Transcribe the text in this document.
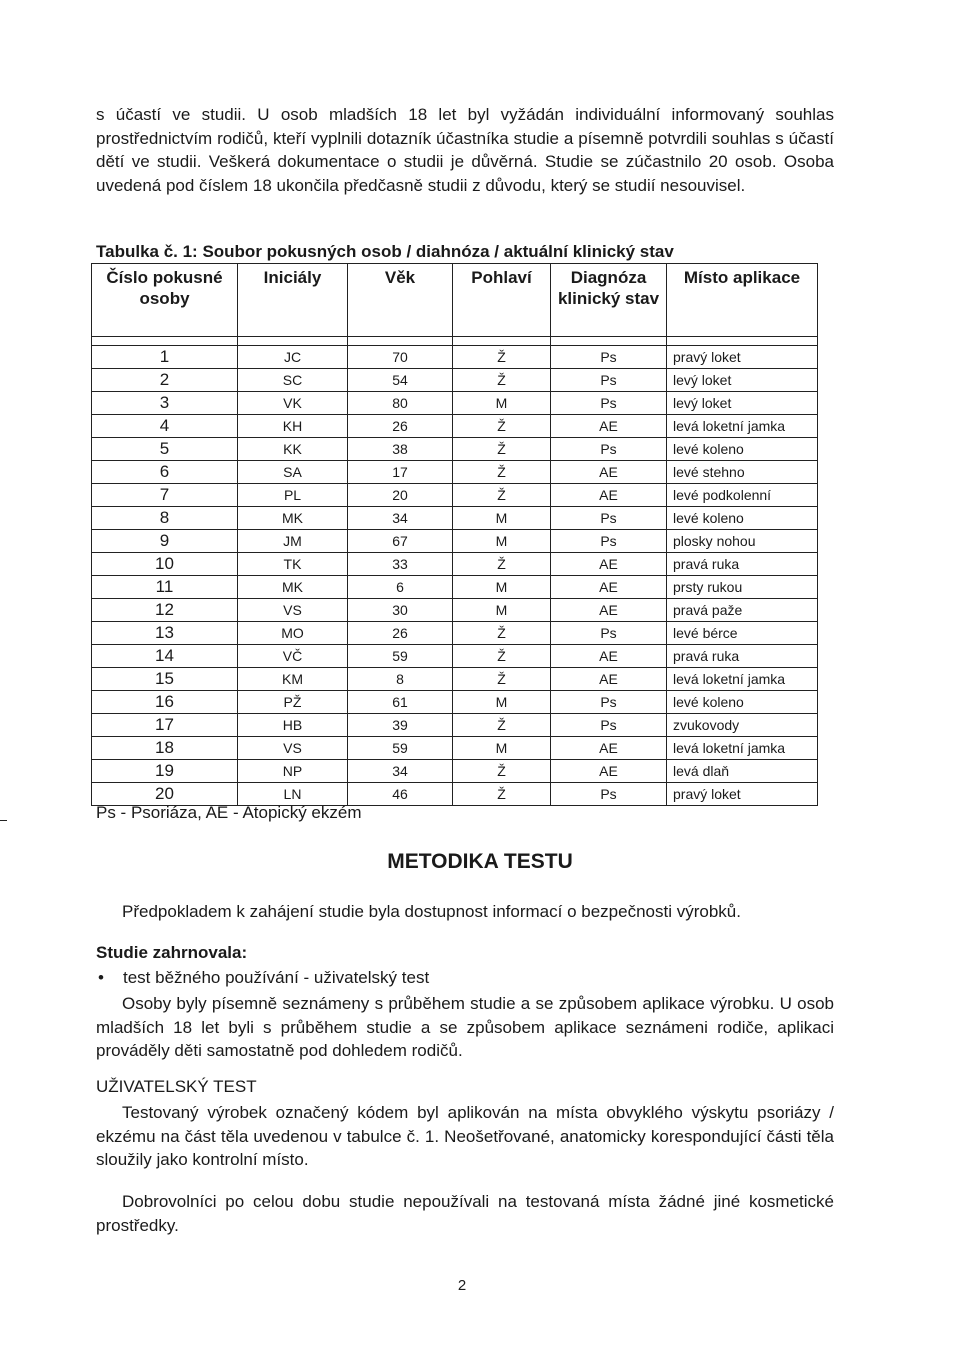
s účastí ve studii. U osob mladších 18 let byl vyžádán individuální informovaný souhlas prostřednictvím rodičů, kteří vyplnili dotazník účastníka studie a písemně potvrdili souhlas s účastí dětí ve studii. Veškerá dokumentace o studii je důvěrná. Studie se zúčastnilo 20 osob. Osoba uvedená pod číslem 18 ukončila předčasně studii z důvodu, který se studií nesouvisel.

Tabulka č. 1: Soubor pokusných osob / diahnóza / aktuální klinický stav

Číslo pokusné osoby	Iniciály	Věk	Pohlaví	Diagnóza klinický stav	Místo aplikace

1	JC	70	Ž	Ps	pravý loket
2	SC	54	Ž	Ps	levý loket
3	VK	80	M	Ps	levý loket
4	KH	26	Ž	AE	levá loketní jamka
5	KK	38	Ž	Ps	levé koleno
6	SA	17	Ž	AE	levé stehno
7	PL	20	Ž	AE	levé podkolenní
8	MK	34	M	Ps	levé koleno
9	JM	67	M	Ps	plosky nohou
10	TK	33	Ž	AE	pravá ruka
11	MK	6	M	AE	prsty rukou
12	VS	30	M	AE	pravá paže
13	MO	26	Ž	Ps	levé bérce
14	VČ	59	Ž	AE	pravá ruka
15	KM	8	Ž	AE	levá loketní jamka
16	PŽ	61	M	Ps	levé koleno
17	HB	39	Ž	Ps	zvukovody
18	VS	59	M	AE	levá loketní jamka
19	NP	34	Ž	AE	levá dlaň
20	LN	46	Ž	Ps	pravý loket

Ps - Psoriáza, AE - Atopický ekzém

METODIKA TESTU

Předpokladem k zahájení studie byla dostupnost informací o bezpečnosti výrobků.

Studie zahrnovala:

• test běžného používání - uživatelský test

Osoby byly písemně seznámeny s průběhem studie a se způsobem aplikace výrobku. U osob mladších 18 let byli s průběhem studie a se způsobem aplikace seznámeni rodiče, aplikaci prováděly děti samostatně pod dohledem rodičů.

UŽIVATELSKÝ TEST

Testovaný výrobek označený kódem byl aplikován na místa obvyklého výskytu psoriázy / ekzému na část těla uvedenou v tabulce č. 1. Neošetřované, anatomicky korespondující části těla sloužily jako kontrolní místo.

Dobrovolníci po celou dobu studie nepoužívali na testovaná místa žádné jiné kosmetické prostředky.

2
